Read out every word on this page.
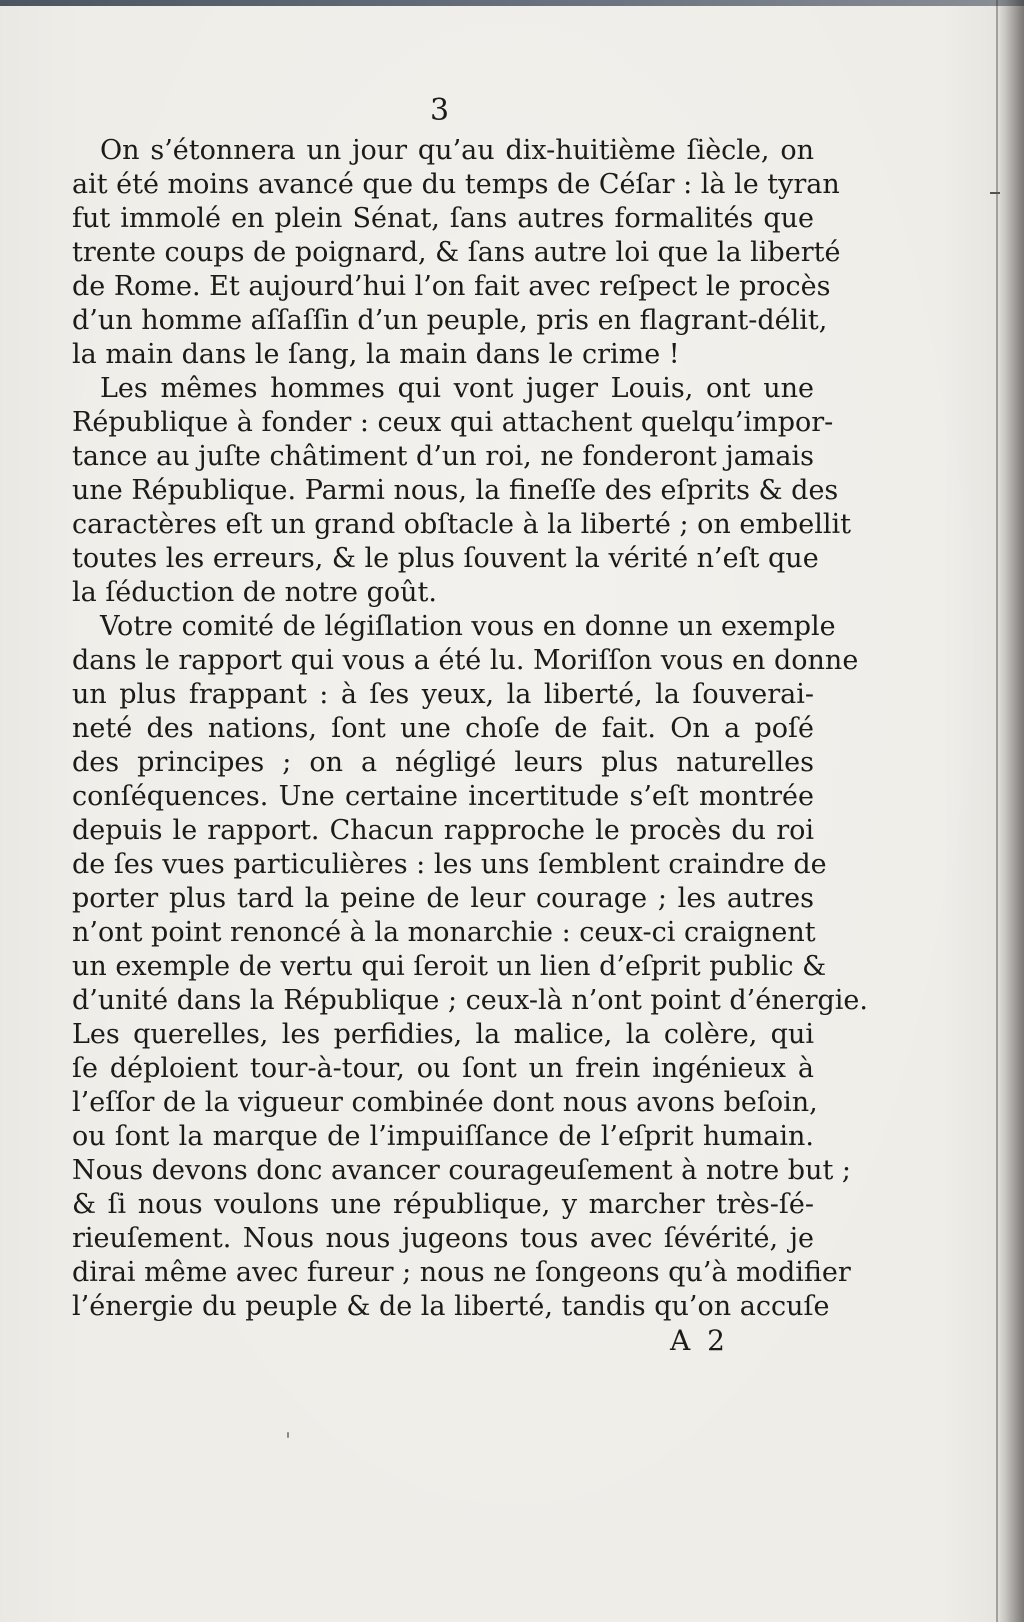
3
On s’étonnera un jour qu’au dix-huitième ſiècle, on
ait été moins avancé que du temps de Céſar : là le tyran
fut immolé en plein Sénat, ſans autres formalités que
trente coups de poignard, & ſans autre loi que la liberté
de Rome. Et aujourd’hui l’on fait avec reſpect le procès
d’un homme aſſaſſin d’un peuple, pris en flagrant-délit,
la main dans le ſang, la main dans le crime !
Les mêmes hommes qui vont juger Louis, ont une
République à fonder : ceux qui attachent quelqu’impor-
tance au juſte châtiment d’un roi, ne fonderont jamais
une République. Parmi nous, la fineſſe des eſprits & des
caractères eſt un grand obſtacle à la liberté ; on embellit
toutes les erreurs, & le plus ſouvent la vérité n’eſt que
la ſéduction de notre goût.
Votre comité de légiſlation vous en donne un exemple
dans le rapport qui vous a été lu. Moriſſon vous en donne
un plus frappant : à ſes yeux, la liberté, la ſouverai-
neté des nations, ſont une choſe de fait. On a poſé
des principes ; on a négligé leurs plus naturelles
conſéquences. Une certaine incertitude s’eſt montrée
depuis le rapport. Chacun rapproche le procès du roi
de ſes vues particulières : les uns ſemblent craindre de
porter plus tard la peine de leur courage ; les autres
n’ont point renoncé à la monarchie : ceux-ci craignent
un exemple de vertu qui ſeroit un lien d’eſprit public &
d’unité dans la République ; ceux-là n’ont point d’énergie.
Les querelles, les perfidies, la malice, la colère, qui
ſe déploient tour-à-tour, ou ſont un frein ingénieux à
l’eſſor de la vigueur combinée dont nous avons beſoin,
ou ſont la marque de l’impuiſſance de l’eſprit humain.
Nous devons donc avancer courageuſement à notre but ;
& ſi nous voulons une république, y marcher très-ſé-
rieuſement. Nous nous jugeons tous avec ſévérité, je
dirai même avec fureur ; nous ne ſongeons qu’à modifier
l’énergie du peuple & de la liberté, tandis qu’on accuſe
A 2
